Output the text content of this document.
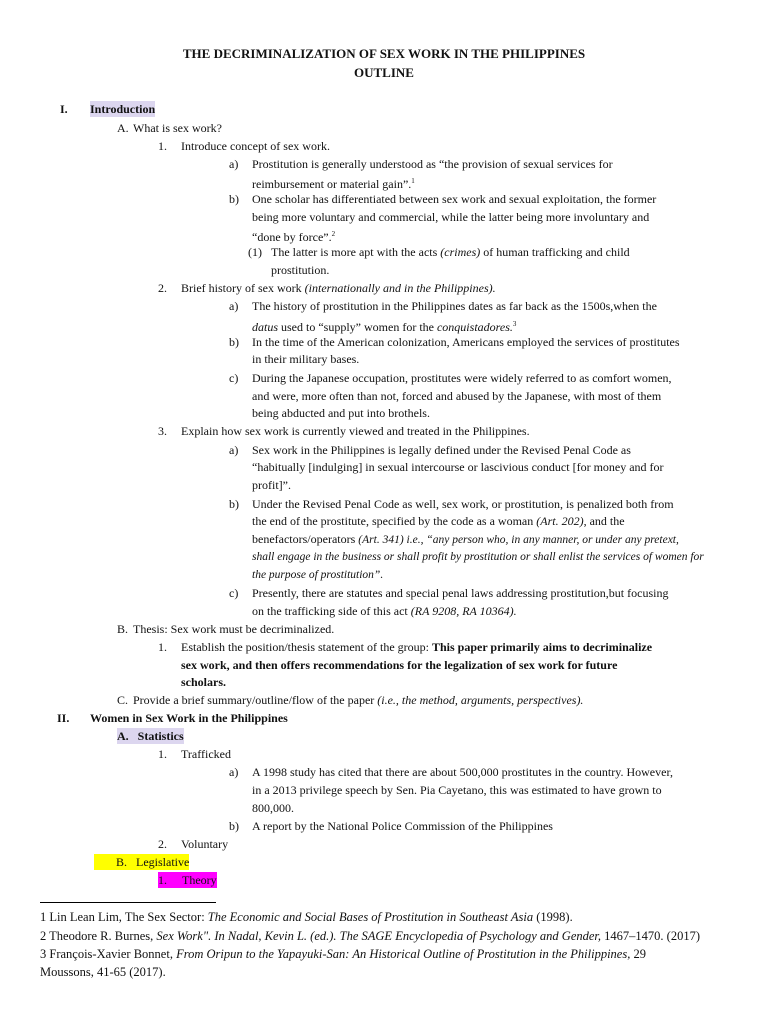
THE DECRIMINALIZATION OF SEX WORK IN THE PHILIPPINES
OUTLINE
I. Introduction
A. What is sex work?
1. Introduce concept of sex work.
a) Prostitution is generally understood as “the provision of sexual services for
reimbursement or material gain”.$^1$
b) One scholar has differentiated between sex work and sexual exploitation, the former
being more voluntary and commercial, while the latter being more involuntary and
“done by force”.$^2$
(1) The latter is more apt with the acts (crimes) of human trafficking and child
prostitution.
2. Brief history of sex work (internationally and in the Philippines).
a) The history of prostitution in the Philippines dates as far back as the 1500s,when the
datus used to “supply” women for the conquistadores.$^3$
b) In the time of the American colonization, Americans employed the services of prostitutes
in their military bases.
c) During the Japanese occupation, prostitutes were widely referred to as comfort women,
and were, more often than not, forced and abused by the Japanese, with most of them
being abducted and put into brothels.
3. Explain how sex work is currently viewed and treated in the Philippines.
a) Sex work in the Philippines is legally defined under the Revised Penal Code as
“habitually [indulging] in sexual intercourse or lascivious conduct [for money and for
profit]”.
b) Under the Revised Penal Code as well, sex work, or prostitution, is penalized both from
the end of the prostitute, specified by the code as a woman (Art. 202), and the
benefactors/operators (Art. 341) i.e., “any person who, in any manner, or under any pretext,
shall engage in the business or shall profit by prostitution or shall enlist the services of women for
the purpose of prostitution”.
c) Presently, there are statutes and special penal laws addressing prostitution,but focusing
on the trafficking side of this act (RA 9208, RA 10364).
B. Thesis: Sex work must be decriminalized.
1. Establish the position/thesis statement of the group: This paper primarily aims to decriminalize
sex work, and then offers recommendations for the legalization of sex work for future
scholars.
C. Provide a brief summary/outline/flow of the paper (i.e., the method, arguments, perspectives).
II. Women in Sex Work in the Philippines
A. Statistics
1. Trafficked
a) A 1998 study has cited that there are about 500,000 prostitutes in the country. However,
in a 2013 privilege speech by Sen. Pia Cayetano, this was estimated to have grown to
800,000.
b) A report by the National Police Commission of the Philippines
2. Voluntary
B. Legislative
1. Theory
1 Lin Lean Lim, The Sex Sector: The Economic and Social Bases of Prostitution in Southeast Asia (1998).
2 Theodore R. Burnes, Sex Work". In Nadal, Kevin L. (ed.). The SAGE Encyclopedia of Psychology and Gender, 1467–1470. (2017)
3 François-Xavier Bonnet, From Oripun to the Yapayuki-San: An Historical Outline of Prostitution in the Philippines, 29
Moussons, 41-65 (2017).
